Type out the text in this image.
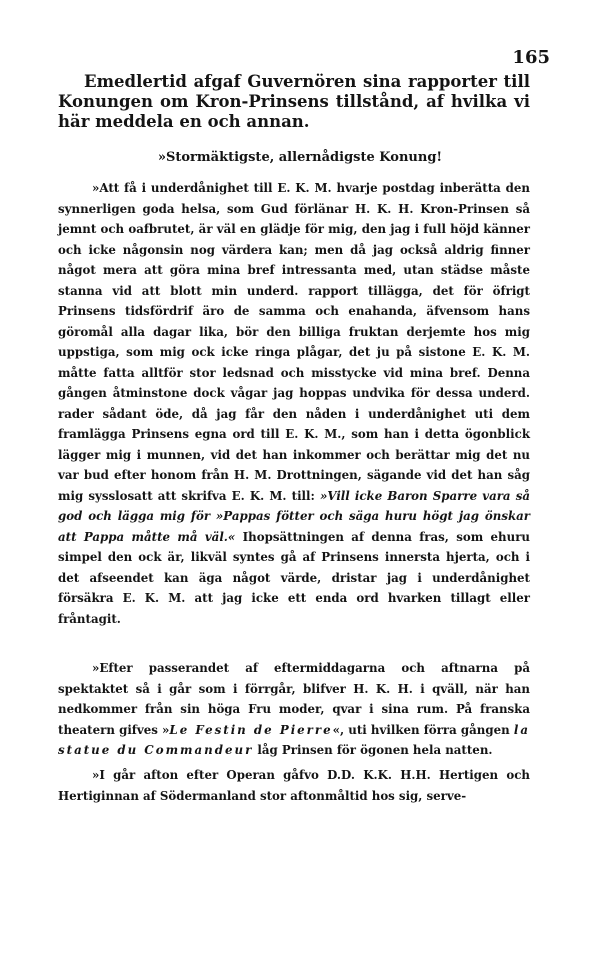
165
Emedlertid afgaf Guvernören sina rapporter till Konungen om Kron-Prinsens tillstånd, af hvilka vi här meddela en och annan.
»Stormäktigste, allernådigste Konung!
»Att få i underdånighet till E. K. M. hvarje postdag inberätta den synnerligen goda helsa, som Gud förlänar H. K. H. Kron-Prinsen så jemnt och oafbrutet, är väl en glädje för mig, den jag i full höjd känner och icke någonsin nog värdera kan; men då jag också aldrig finner något mera att göra mina bref intressanta med, utan städse måste stanna vid att blott min underd. rapport tillägga, det för öfrigt Prinsens tidsfördrif äro de samma och enahanda, äfvensom hans göromål alla dagar lika, bör den billiga fruktan derjemte hos mig uppstiga, som mig ock icke ringa plågar, det ju på sistone E. K. M. måtte fatta alltför stor ledsnad och misstycke vid mina bref. Denna gången åtminstone dock vågar jag hoppas undvika för dessa underd. rader sådant öde, då jag får den nåden i underdånighet uti dem framlägga Prinsens egna ord till E. K. M., som han i detta ögonblick lägger mig i munnen, vid det han inkommer och berättar mig det nu var bud efter honom från H. M. Drottningen, sägande vid det han såg mig sysslosatt att skrifva E. K. M. till: »Vill icke Baron Sparre vara så god och lägga mig för »Pappas fötter och säga huru högt jag önskar att Pappa måtte må väl.« Ihopsättningen af denna fras, som ehuru simpel den ock är, likväl syntes gå af Prinsens innersta hjerta, och i det afseendet kan äga något värde, dristar jag i underdånighet försäkra E. K. M. att jag icke ett enda ord hvarken tillagt eller fråntagit.
»Efter passerandet af eftermiddagarna och aftnarna på spektaktet så i går som i förrgår, blifver H. K. H. i qväll, när han nedkommer från sin höga Fru moder, qvar i sina rum. På franska theatern gifves »Le Festin de Pierre«, uti hvilken förra gången la statue du Commandeur låg Prinsen för ögonen hela natten.
»I går afton efter Operan gåfvo D.D. K.K. H.H. Hertigen och Hertiginnan af Södermanland stor aftonmåltid hos sig, serve-
